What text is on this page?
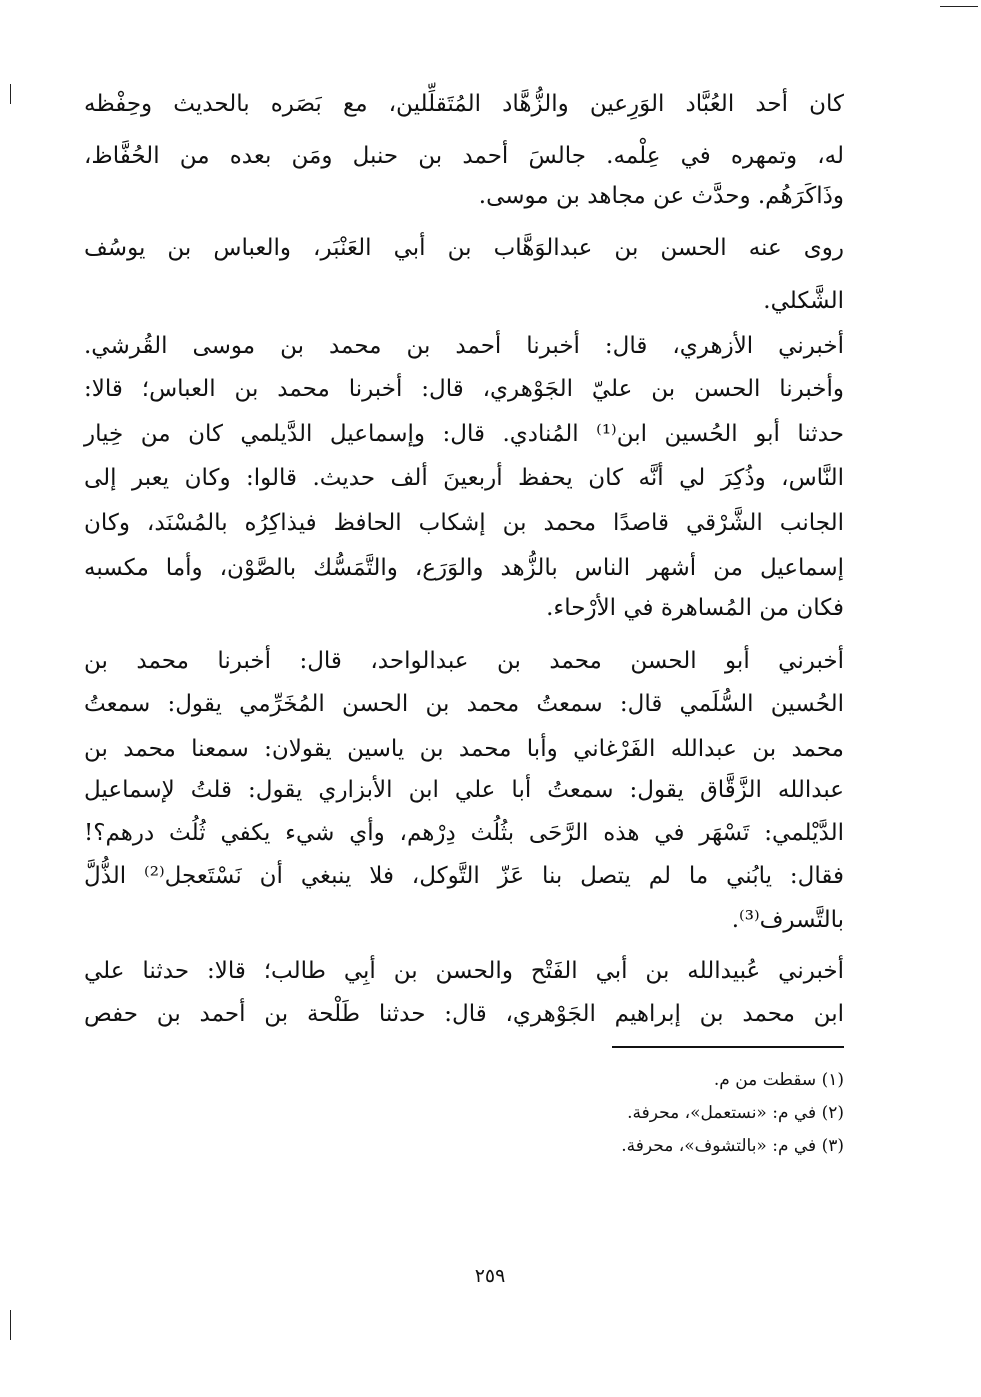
كان أحد العُبَّاد الوَرِعين والزُّهَّاد المُتَقلِّلين، مع بَصَره بالحديث وحِفْظه
له، وتمهره في عِلْمه. جالسَ أحمد بن حنبل ومَن بعده من الحُفَّاظ،
وذَاكَرَهُم. وحدَّث عن مجاهد بن موسى.
روى عنه الحسن بن عبدالوَهَّاب بن أبي العَنْبَر، والعباس بن يوسُف
الشَّكلي.
أخبرني الأزهري، قال: أخبرنا أحمد بن محمد بن موسى القُرشي.
وأخبرنا الحسن بن عليّ الجَوْهري، قال: أخبرنا محمد بن العباس؛ قالا:
حدثنا أبو الحُسين ابن⁽¹⁾ المُنادي. قال: وإسماعيل الدَّيلمي كان من خِيار
النَّاس، وذُكِرَ لي أنَّه كان يحفظ أربعينَ ألف حديث. قالوا: وكان يعبر إلى
الجانب الشَّرْقي قاصدًا محمد بن إشكاب الحافظ فيذاكِرُه بالمُسْنَد، وكان
إسماعيل من أشهر الناس بالزُّهد والوَرَع، والتَّمَسُّك بالصَّوْن، وأما مكسبه
فكان من المُساهرة في الأرْحاء.
أخبرني أبو الحسن محمد بن عبدالواحد، قال: أخبرنا محمد بن
الحُسين السُّلَمي قال: سمعتُ محمد بن الحسن المُخَرِّمي يقول: سمعتُ
محمد بن عبدالله الفَرْغاني وأبا محمد بن ياسين يقولان: سمعنا محمد بن
عبدالله الزَّقَّاق يقول: سمعتُ أبا علي ابن الأبزاري يقول: قلتُ لإسماعيل
الدَّيْلمي: تَسْهَر في هذه الرَّحَى بثُلُث دِرْهم، وأي شيء يكفي ثُلُث درهم؟!
فقال: يابُني ما لم يتصل بنا عَزّ التَّوكل، فلا ينبغي أن نَسْتَعجل⁽²⁾ الذُّلَّ
بالتَّسرف⁽³⁾.
أخبرني عُبيدالله بن أبي الفَتْح والحسن بن أبِي طالب؛ قالا: حدثنا علي
ابن محمد بن إبراهيم الجَوْهري، قال: حدثنا طَلْحة بن أحمد بن حفص
(١) سقطت من م.
(٢) في م: «نستعمل»، محرفة.
(٣) في م: «بالتشوف»، محرفة.
٢٥٩
